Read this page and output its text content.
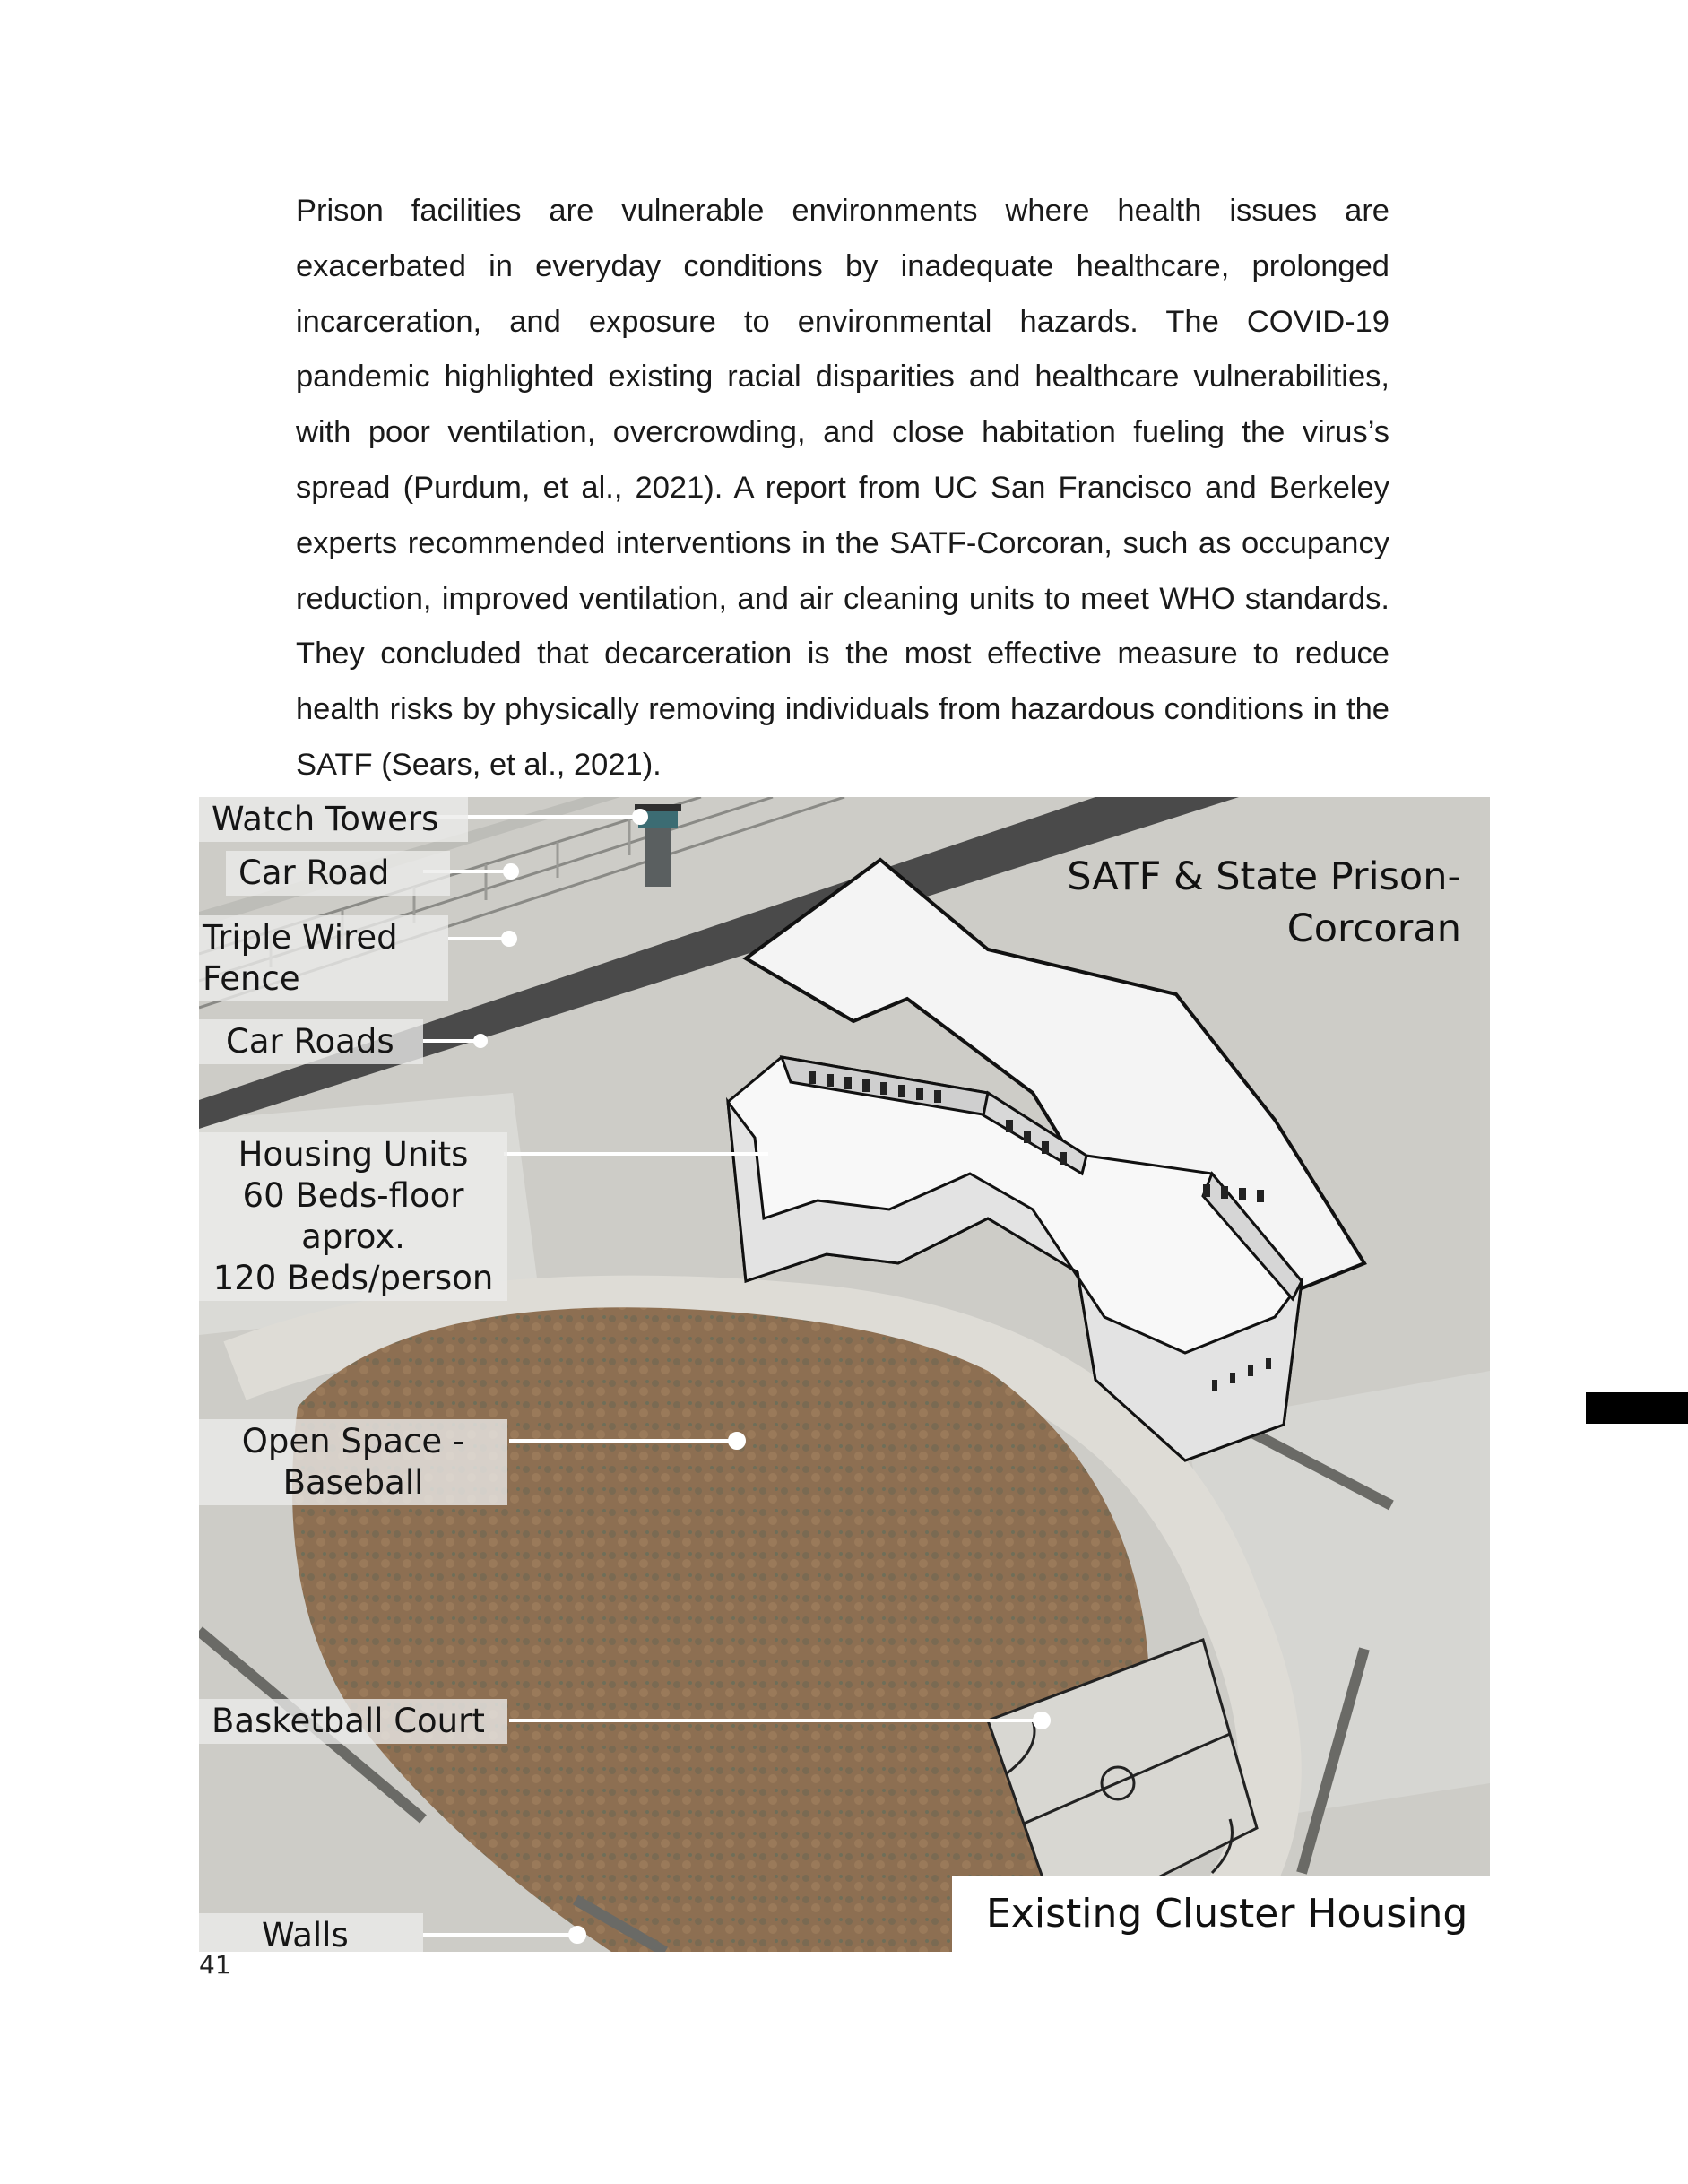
Prison facilities are vulnerable environments where health issues are exacerbated in everyday conditions by inadequate healthcare, prolonged incarceration, and exposure to environmental hazards. The COVID-19 pandemic highlighted existing racial disparities and healthcare vulnerabilities, with poor ventilation, overcrowding, and close habitation fueling the virus’s spread (Purdum, et al., 2021). A report from UC San Francisco and Berkeley experts recommended interventions in the SATF-Corcoran, such as occupancy reduction, improved ventilation, and air cleaning units to meet WHO standards. They concluded that decarceration is the most effective measure to reduce health risks by physically removing individuals from hazardous conditions in the SATF (Sears, et al., 2021).

Watch Towers
Car Road
Triple Wired
Fence
Car Roads
Housing Units
60 Beds-floor
aprox.
120 Beds/person
Open Space -
Baseball
Basketball Court
Walls
SATF & State Prison-
Corcoran
Existing Cluster Housing
41
